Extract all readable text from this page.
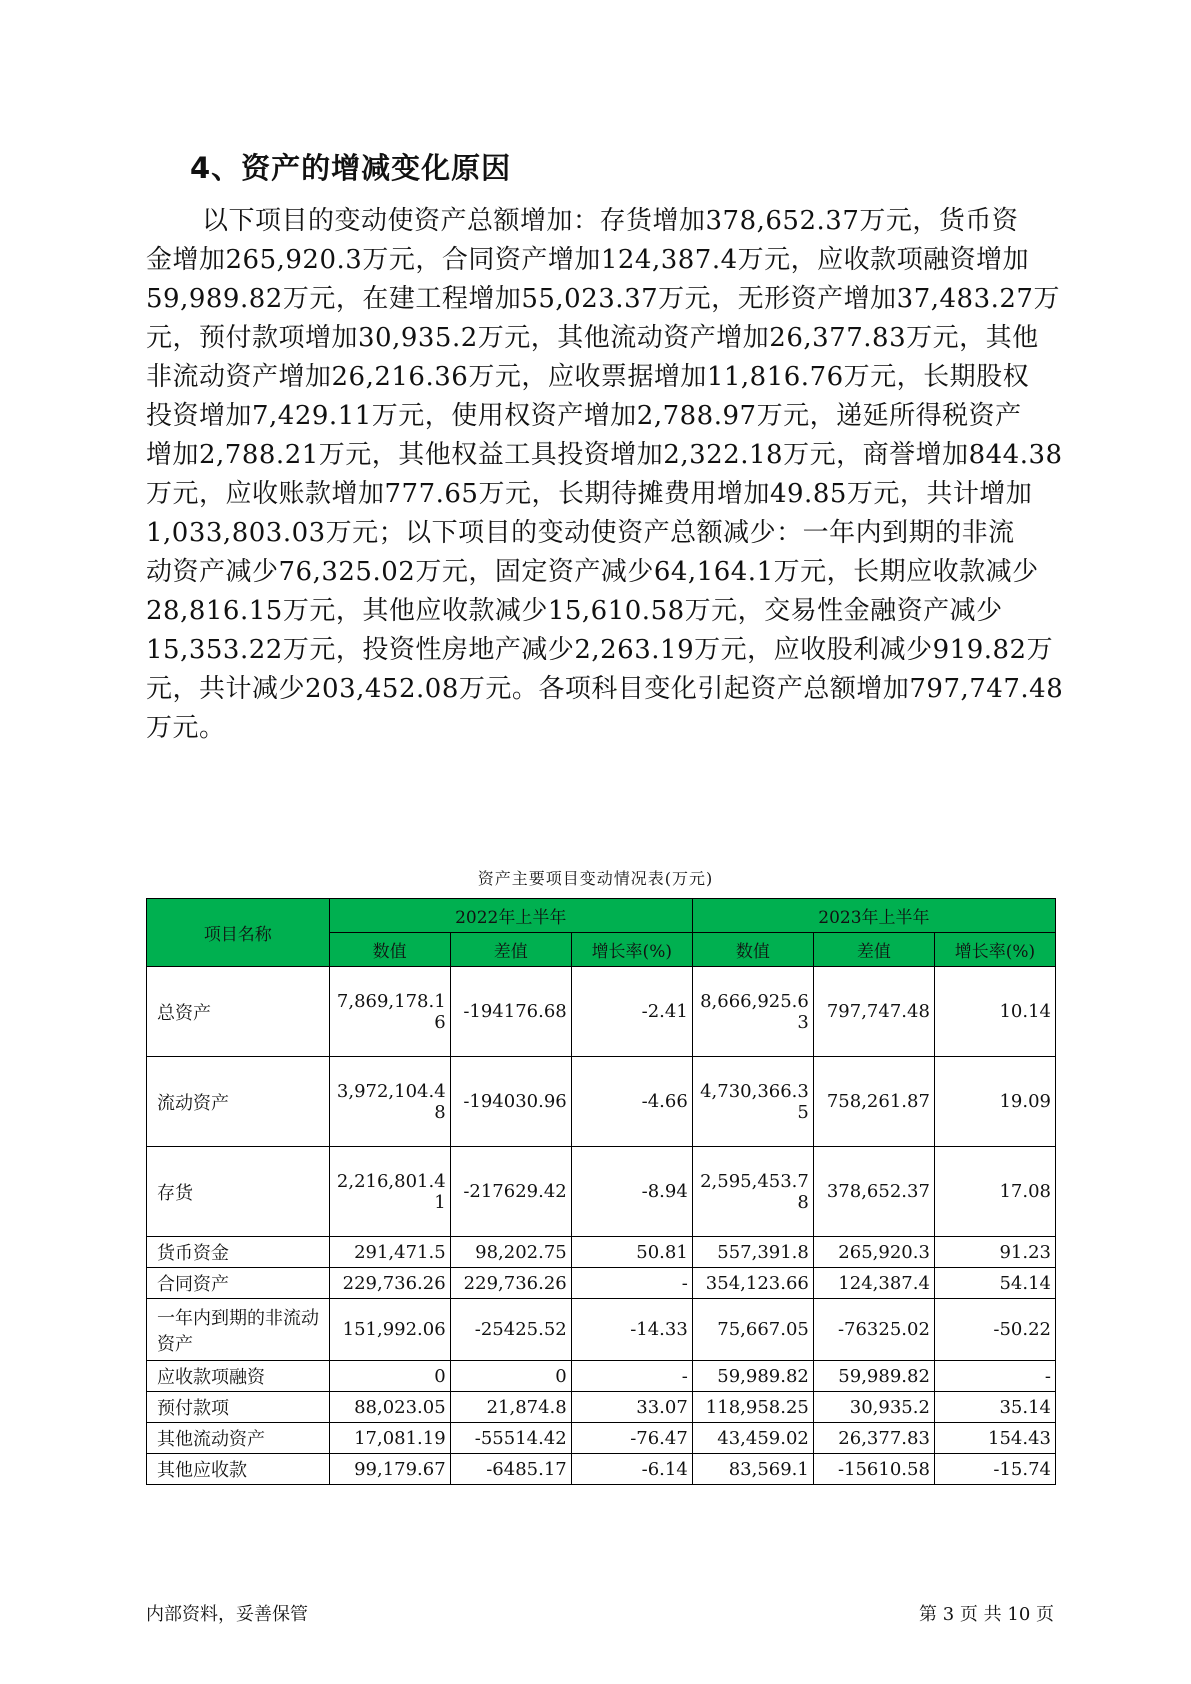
4、资产的增减变化原因
以下项目的变动使资产总额增加：存货增加378,652.37万元，货币资
金增加265,920.3万元，合同资产增加124,387.4万元，应收款项融资增加
59,989.82万元，在建工程增加55,023.37万元，无形资产增加37,483.27万
元，预付款项增加30,935.2万元，其他流动资产增加26,377.83万元，其他
非流动资产增加26,216.36万元，应收票据增加11,816.76万元，长期股权
投资增加7,429.11万元，使用权资产增加2,788.97万元，递延所得税资产
增加2,788.21万元，其他权益工具投资增加2,322.18万元，商誉增加844.38
万元，应收账款增加777.65万元，长期待摊费用增加49.85万元，共计增加
1,033,803.03万元；以下项目的变动使资产总额减少：一年内到期的非流
动资产减少76,325.02万元，固定资产减少64,164.1万元，长期应收款减少
28,816.15万元，其他应收款减少15,610.58万元，交易性金融资产减少
15,353.22万元，投资性房地产减少2,263.19万元，应收股利减少919.82万
元，共计减少203,452.08万元。各项科目变化引起资产总额增加797,747.48
万元。
资产主要项目变动情况表(万元)
项目名称	2022年上半年			2023年上半年		
	数值	差值	增长率(%)	数值	差值	增长率(%)
总资产	7,869,178.16	-194176.68	-2.41	8,666,925.63	797,747.48	10.14
流动资产	3,972,104.48	-194030.96	-4.66	4,730,366.35	758,261.87	19.09
存货	2,216,801.41	-217629.42	-8.94	2,595,453.78	378,652.37	17.08
货币资金	291,471.5	98,202.75	50.81	557,391.8	265,920.3	91.23
合同资产	229,736.26	229,736.26	-	354,123.66	124,387.4	54.14
一年内到期的非流动资产	151,992.06	-25425.52	-14.33	75,667.05	-76325.02	-50.22
应收款项融资	0	0	-	59,989.82	59,989.82	-
预付款项	88,023.05	21,874.8	33.07	118,958.25	30,935.2	35.14
其他流动资产	17,081.19	-55514.42	-76.47	43,459.02	26,377.83	154.43
其他应收款	99,179.67	-6485.17	-6.14	83,569.1	-15610.58	-15.74
内部资料，妥善保管	第 3 页 共 10 页
